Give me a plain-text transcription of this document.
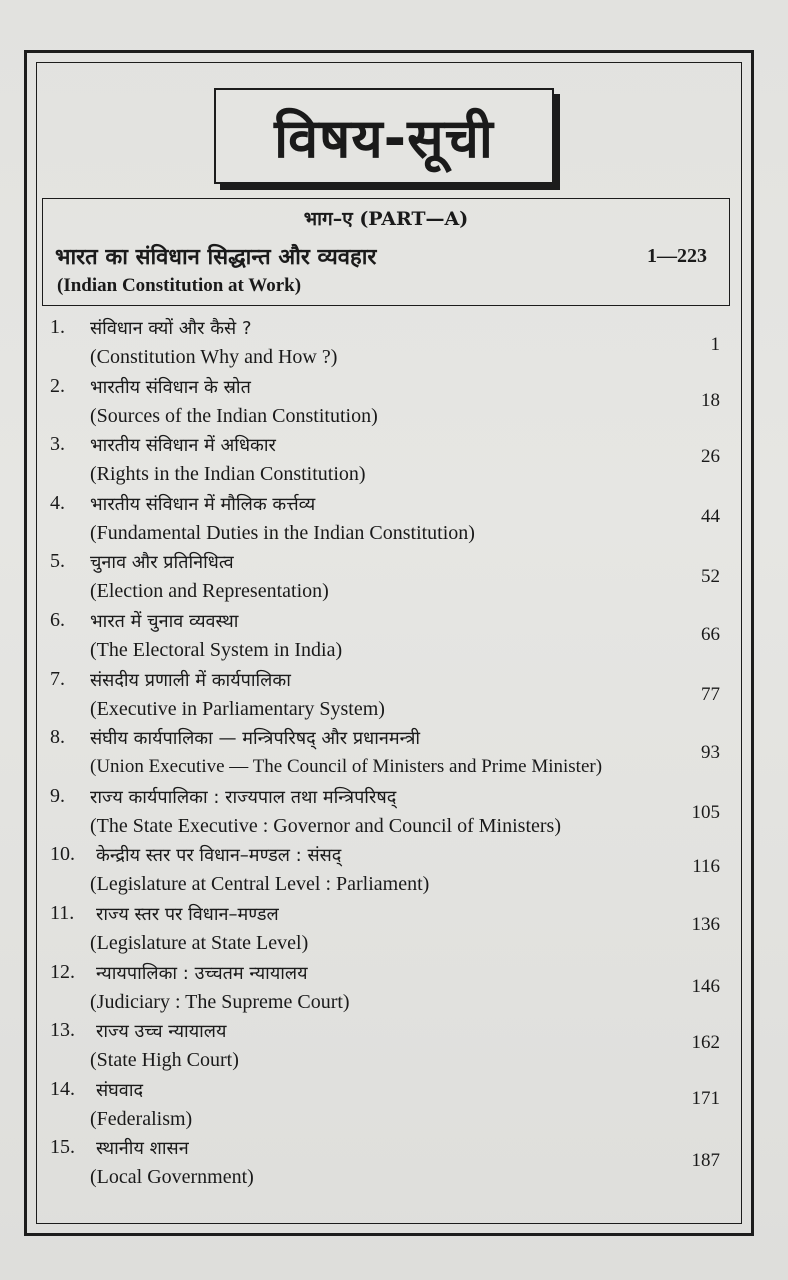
विषय-सूची
भाग–ए (PART—A)
भारत का संविधान सिद्धान्त और व्यवहार	1—223
(Indian Constitution at Work)
1. संविधान क्यों और कैसे ?
(Constitution Why and How ?)
1
2. भारतीय संविधान के स्रोत
(Sources of the Indian Constitution)
18
3. भारतीय संविधान में अधिकार
(Rights in the Indian Constitution)
26
4. भारतीय संविधान में मौलिक कर्त्तव्य
(Fundamental Duties in the Indian Constitution)
44
5. चुनाव और प्रतिनिधित्व
(Election and Representation)
52
6. भारत में चुनाव व्यवस्था
(The Electoral System in India)
66
7. संसदीय प्रणाली में कार्यपालिका
(Executive in Parliamentary System)
77
8. संघीय कार्यपालिका — मन्त्रिपरिषद् और प्रधानमन्त्री
(Union Executive — The Council of Ministers and Prime Minister)
93
9. राज्य कार्यपालिका : राज्यपाल तथा मन्त्रिपरिषद्
(The State Executive : Governor and Council of Ministers)
105
10. केन्द्रीय स्तर पर विधान–मण्डल : संसद्
(Legislature at Central Level : Parliament)
116
11. राज्य स्तर पर विधान–मण्डल
(Legislature at State Level)
136
12. न्यायपालिका : उच्चतम न्यायालय
(Judiciary : The Supreme Court)
146
13. राज्य उच्च न्यायालय
(State High Court)
162
14. संघवाद
(Federalism)
171
15. स्थानीय शासन
(Local Government)
187
